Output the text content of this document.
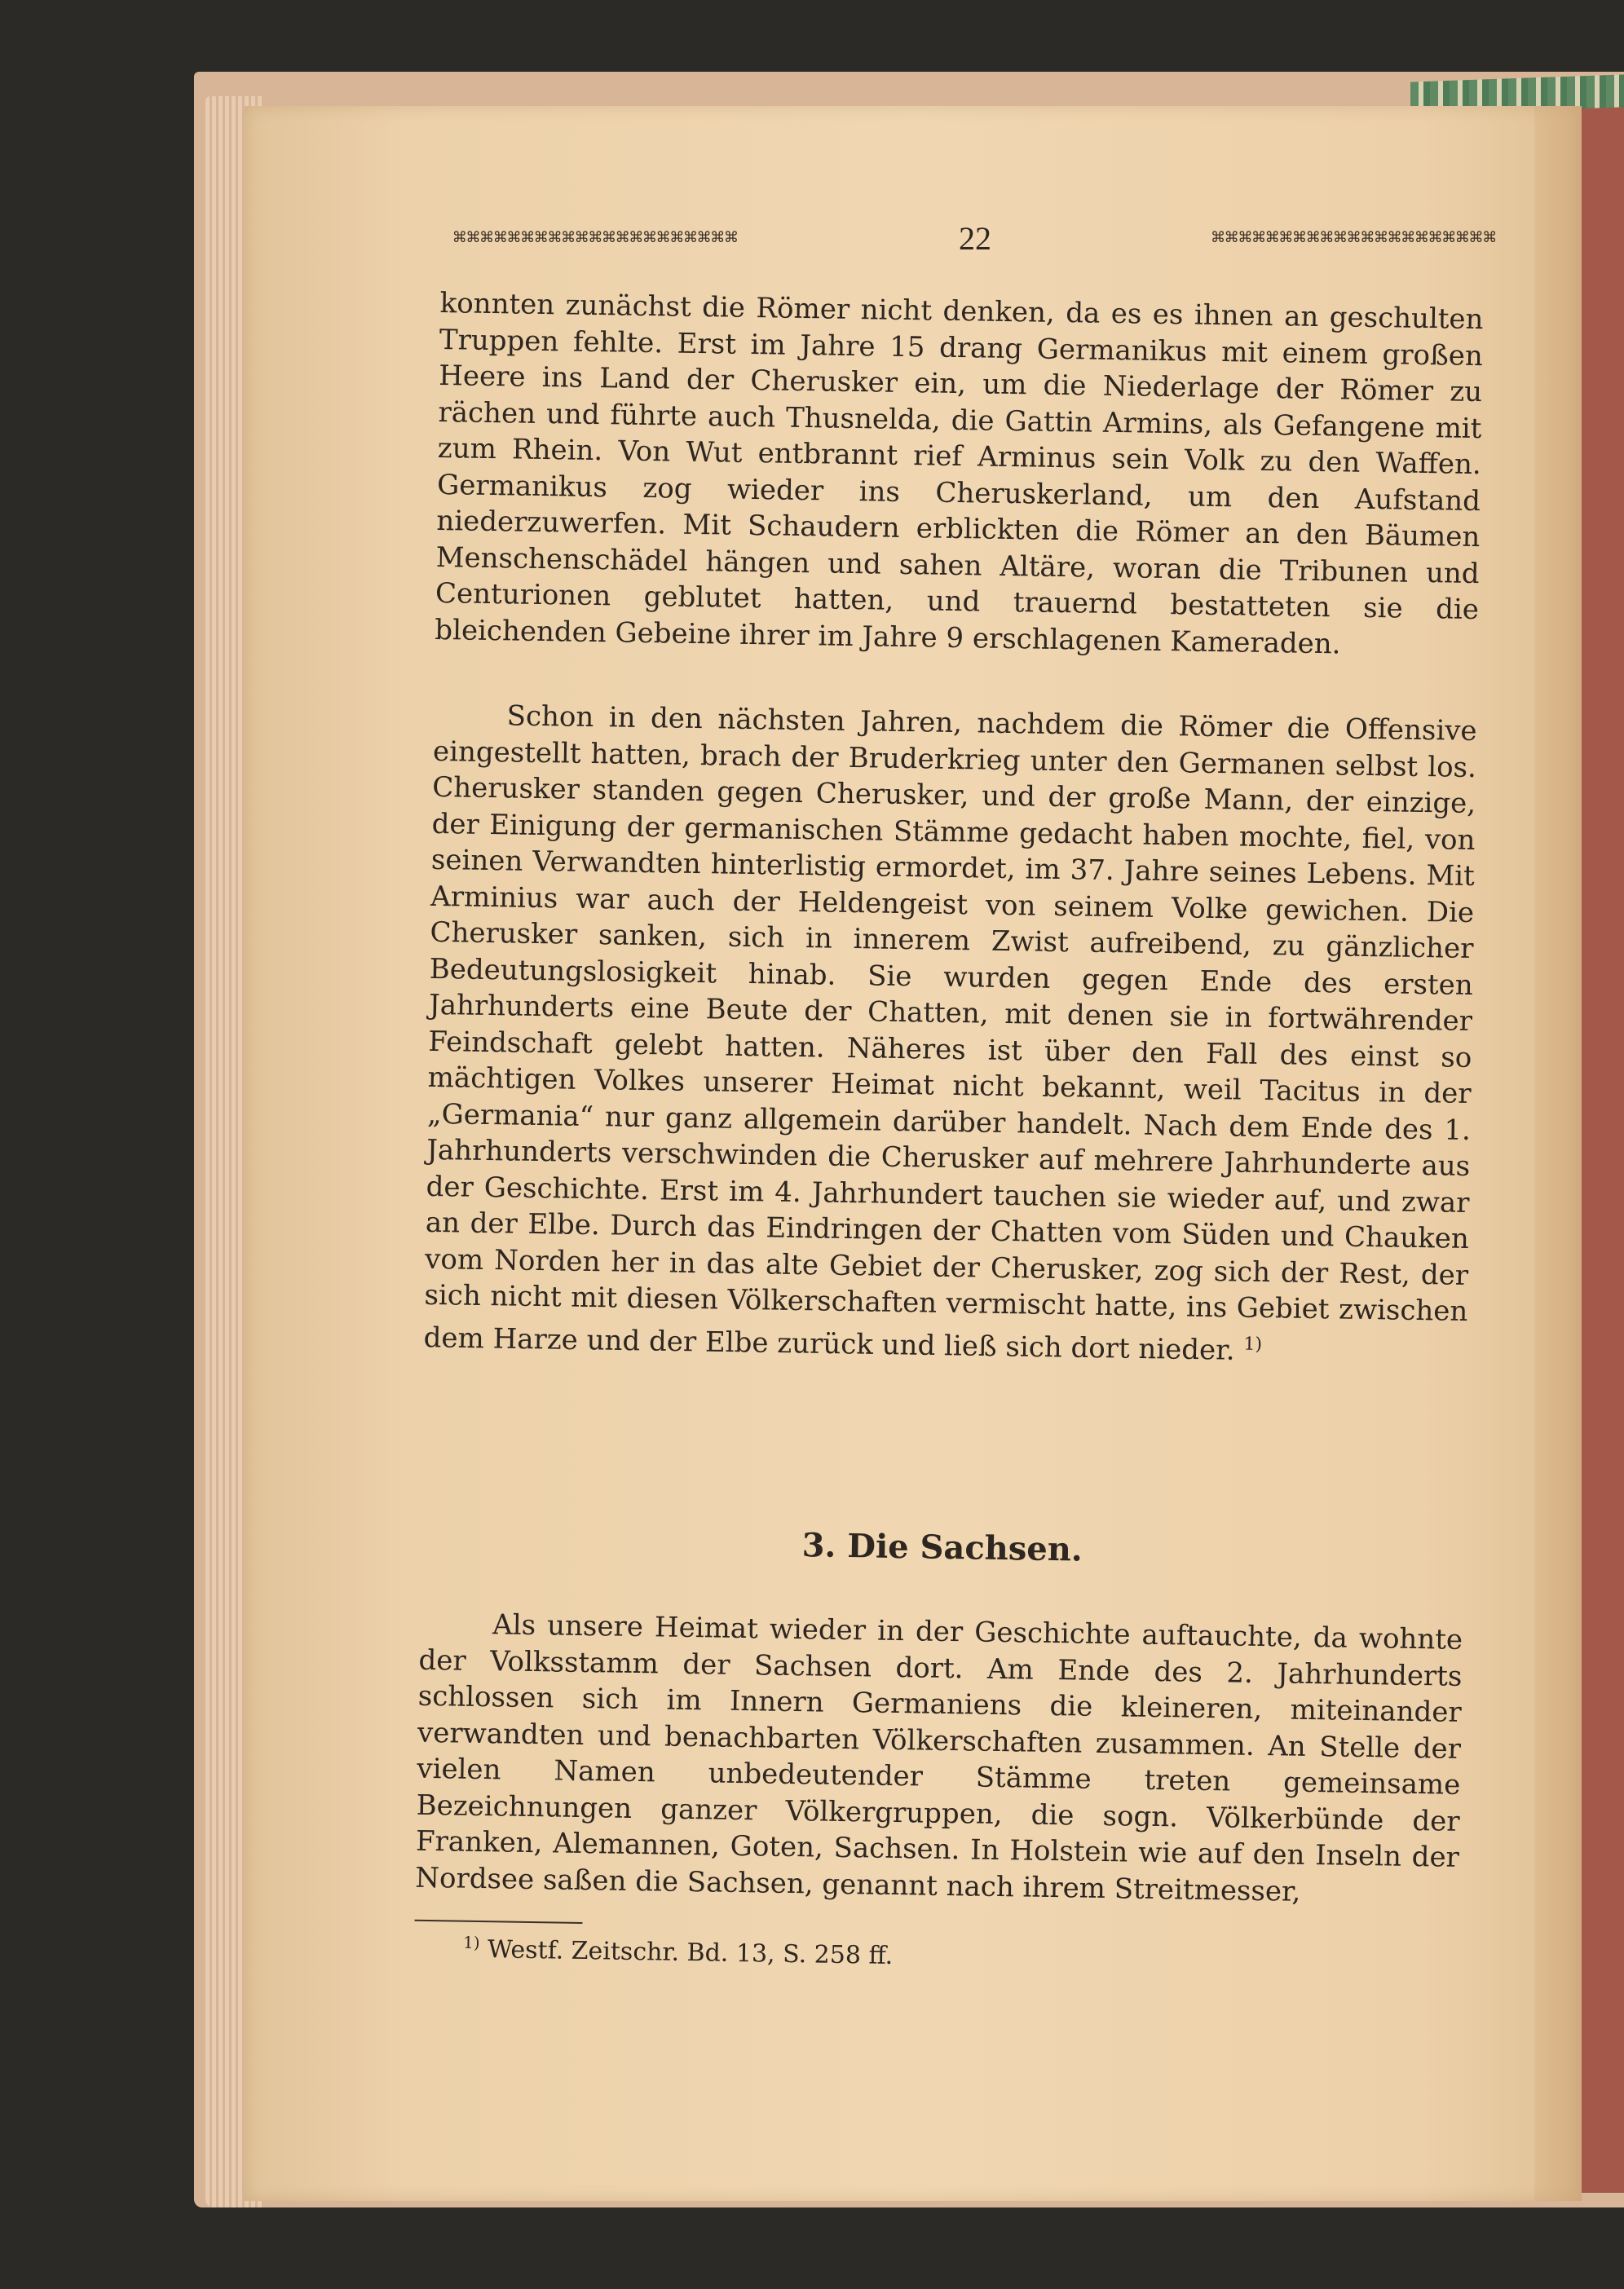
⌘⌘⌘⌘⌘⌘⌘⌘⌘⌘⌘⌘⌘⌘⌘⌘⌘⌘⌘⌘⌘	22	⌘⌘⌘⌘⌘⌘⌘⌘⌘⌘⌘⌘⌘⌘⌘⌘⌘⌘⌘⌘⌘

konnten zunächst die Römer nicht denken, da es es ihnen an geschulten Truppen fehlte. Erst im Jahre 15 drang Germanikus mit einem großen Heere ins Land der Cherusker ein, um die Niederlage der Römer zu rächen und führte auch Thusnelda, die Gattin Armins, als Gefangene mit zum Rhein. Von Wut entbrannt rief Arminus sein Volk zu den Waffen. Germanikus zog wieder ins Cheruskerland, um den Aufstand niederzuwerfen. Mit Schaudern erblickten die Römer an den Bäumen Menschenschädel hängen und sahen Altäre, woran die Tribunen und Centurionen geblutet hatten, und trauernd bestatteten sie die bleichenden Gebeine ihrer im Jahre 9 erschlagenen Kameraden.

Schon in den nächsten Jahren, nachdem die Römer die Offensive eingestellt hatten, brach der Bruderkrieg unter den Germanen selbst los. Cherusker standen gegen Cherusker, und der große Mann, der einzige, der Einigung der germanischen Stämme gedacht haben mochte, fiel, von seinen Verwandten hinterlistig ermordet, im 37. Jahre seines Lebens. Mit Arminius war auch der Heldengeist von seinem Volke gewichen. Die Cherusker sanken, sich in innerem Zwist aufreibend, zu gänzlicher Bedeutungslosigkeit hinab. Sie wurden gegen Ende des ersten Jahrhunderts eine Beute der Chatten, mit denen sie in fortwährender Feindschaft gelebt hatten. Näheres ist über den Fall des einst so mächtigen Volkes unserer Heimat nicht bekannt, weil Tacitus in der „Germania“ nur ganz allgemein darüber handelt. Nach dem Ende des 1. Jahrhunderts verschwinden die Cherusker auf mehrere Jahrhunderte aus der Geschichte. Erst im 4. Jahrhundert tauchen sie wieder auf, und zwar an der Elbe. Durch das Eindringen der Chatten vom Süden und Chauken vom Norden her in das alte Gebiet der Cherusker, zog sich der Rest, der sich nicht mit diesen Völkerschaften vermischt hatte, ins Gebiet zwischen dem Harze und der Elbe zurück und ließ sich dort nieder. $^{1)}$

3. Die Sachsen.

Als unsere Heimat wieder in der Geschichte auftauchte, da wohnte der Volksstamm der Sachsen dort. Am Ende des 2. Jahrhunderts schlossen sich im Innern Germaniens die kleineren, miteinander verwandten und benachbarten Völkerschaften zusammen. An Stelle der vielen Namen unbedeutender Stämme treten gemeinsame Bezeichnungen ganzer Völkergruppen, die sogn. Völkerbünde der Franken, Alemannen, Goten, Sachsen. In Holstein wie auf den Inseln der Nordsee saßen die Sachsen, genannt nach ihrem Streitmesser,

$^{1)}$ Westf. Zeitschr. Bd. 13, S. 258 ff.
